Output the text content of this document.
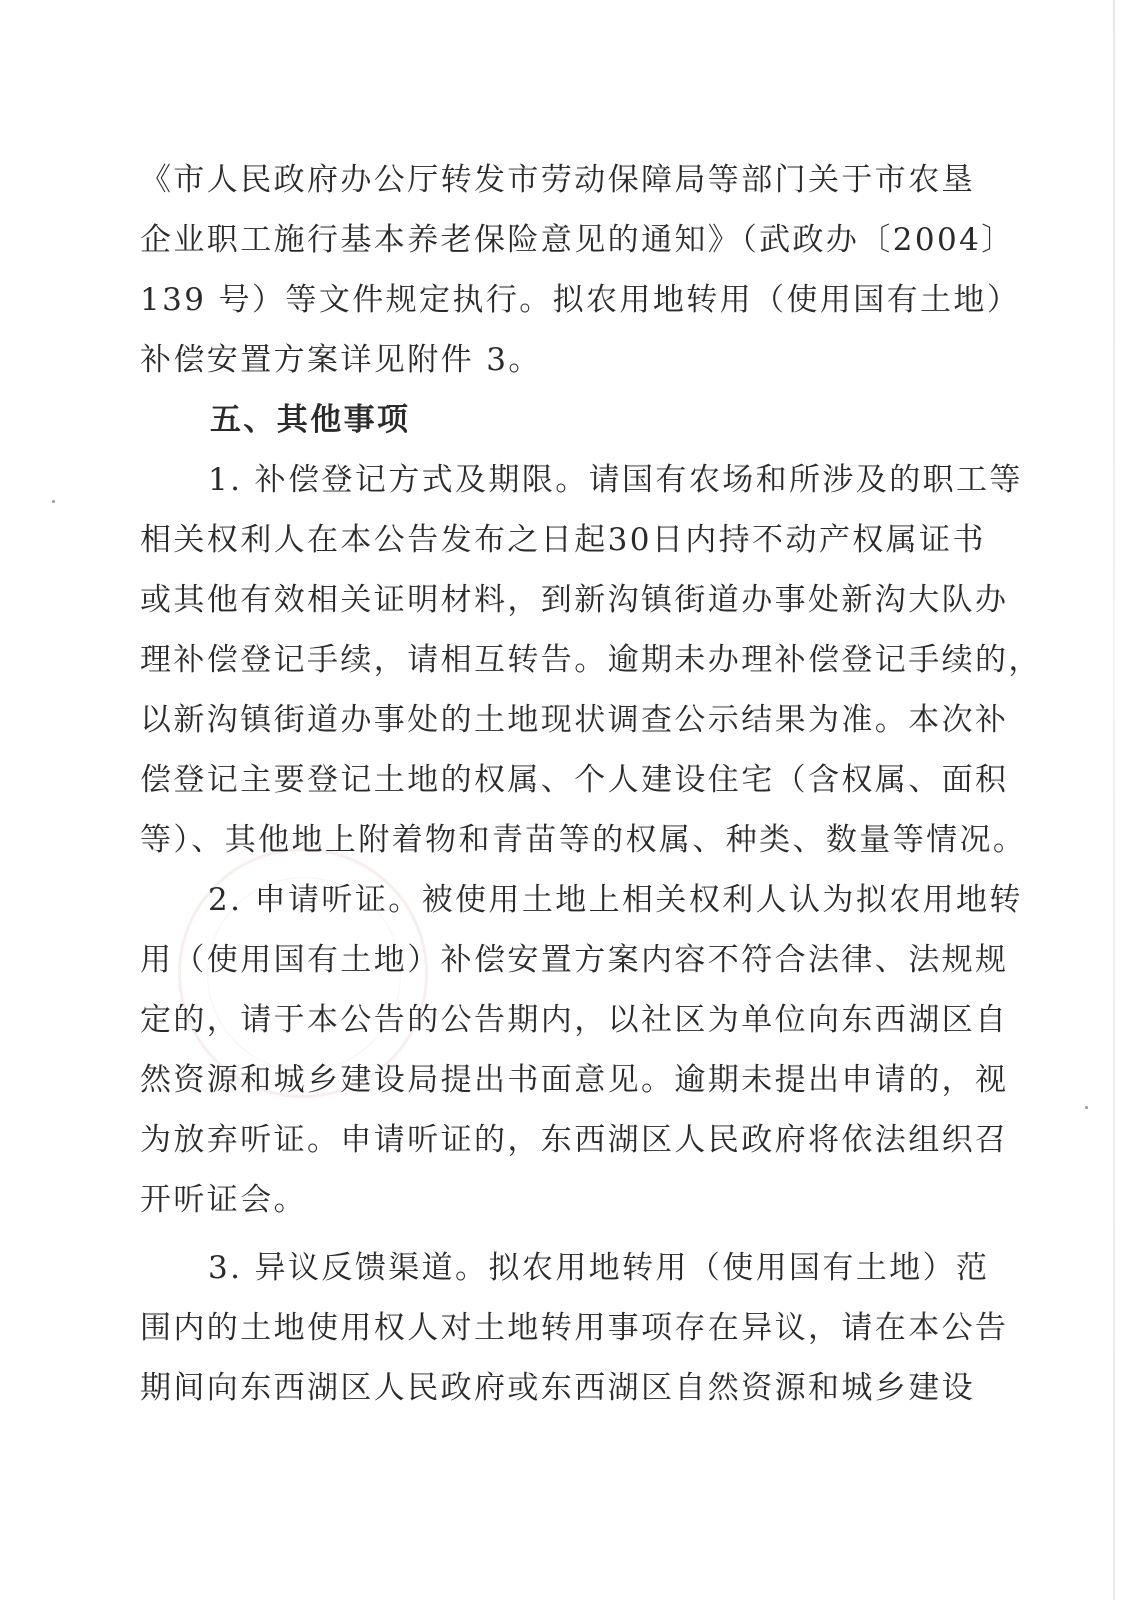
《市人民政府办公厅转发市劳动保障局等部门关于市农垦
企业职工施行基本养老保险意见的通知》（武政办〔2004〕
139 号）等文件规定执行。拟农用地转用（使用国有土地）
补偿安置方案详见附件 3。
五、其他事项
1. 补偿登记方式及期限。请国有农场和所涉及的职工等
相关权利人在本公告发布之日起30日内持不动产权属证书
或其他有效相关证明材料，到新沟镇街道办事处新沟大队办
理补偿登记手续，请相互转告。逾期未办理补偿登记手续的，
以新沟镇街道办事处的土地现状调查公示结果为准。本次补
偿登记主要登记土地的权属、个人建设住宅（含权属、面积
等）、其他地上附着物和青苗等的权属、种类、数量等情况。
2. 申请听证。被使用土地上相关权利人认为拟农用地转
用（使用国有土地）补偿安置方案内容不符合法律、法规规
定的，请于本公告的公告期内，以社区为单位向东西湖区自
然资源和城乡建设局提出书面意见。逾期未提出申请的，视
为放弃听证。申请听证的，东西湖区人民政府将依法组织召
开听证会。
3. 异议反馈渠道。拟农用地转用（使用国有土地）范
围内的土地使用权人对土地转用事项存在异议，请在本公告
期间向东西湖区人民政府或东西湖区自然资源和城乡建设
